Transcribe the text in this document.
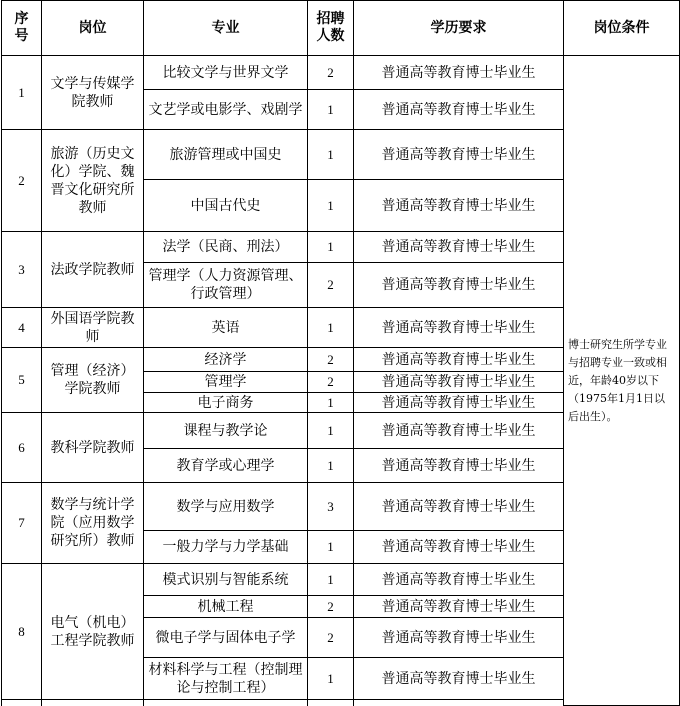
序号	岗位	专业	招聘人数	学历要求	岗位条件
1	文学与传媒学院教师	比较文学与世界文学	2	普通高等教育博士毕业生	博士研究生所学专业与招聘专业一致或相近，年龄40岁以下（1975年1月1日以后出生）。
		文艺学或电影学、戏剧学	1	普通高等教育博士毕业生	
2	旅游（历史文化）学院、魏晋文化研究所教师	旅游管理或中国史	1	普通高等教育博士毕业生	
		中国古代史	1	普通高等教育博士毕业生	
3	法政学院教师	法学（民商、刑法）	1	普通高等教育博士毕业生	
		管理学（人力资源管理、行政管理）	2	普通高等教育博士毕业生	
4	外国语学院教师	英语	1	普通高等教育博士毕业生	
5	管理（经济）学院教师	经济学	2	普通高等教育博士毕业生	
		管理学	2	普通高等教育博士毕业生	
		电子商务	1	普通高等教育博士毕业生	
6	教科学院教师	课程与教学论	1	普通高等教育博士毕业生	
		教育学或心理学	1	普通高等教育博士毕业生	
7	数学与统计学院（应用数学研究所）教师	数学与应用数学	3	普通高等教育博士毕业生	
		一般力学与力学基础	1	普通高等教育博士毕业生	
8	电气（机电）工程学院教师	模式识别与智能系统	1	普通高等教育博士毕业生	
		机械工程	2	普通高等教育博士毕业生	
		微电子学与固体电子学	2	普通高等教育博士毕业生	
		材料科学与工程（控制理论与控制工程）	1	普通高等教育博士毕业生	
